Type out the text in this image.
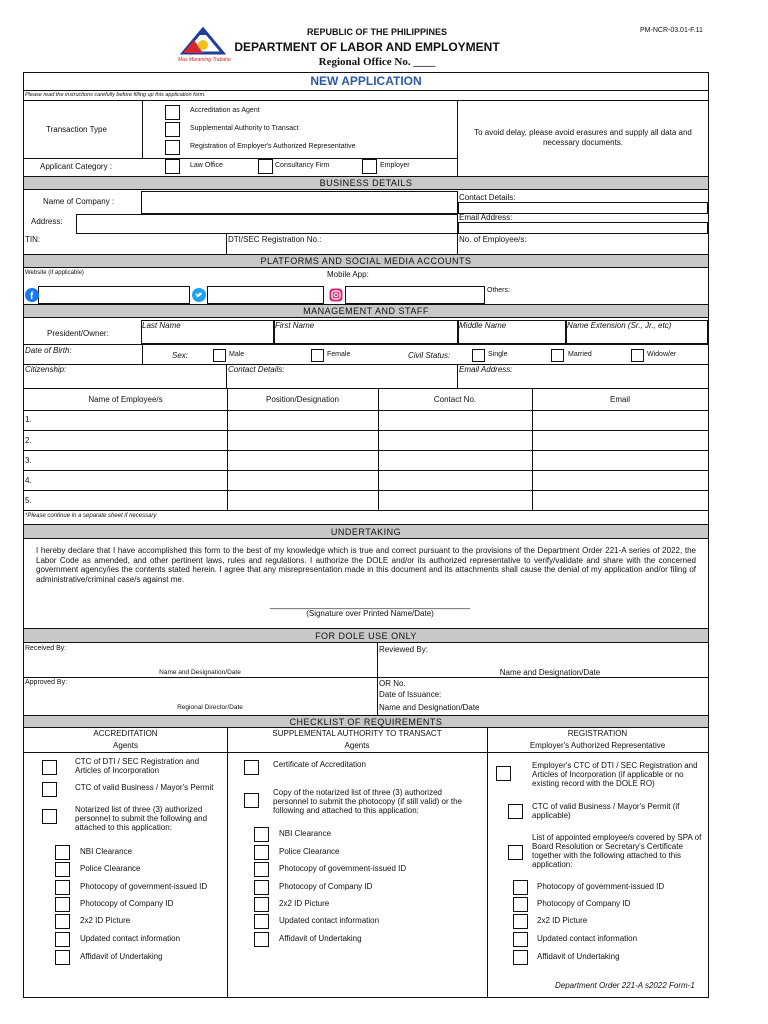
PM-NCR-03.01-F.11
Mas Maraming Trabaho
REPUBLIC OF THE PHILIPPINES
DEPARTMENT OF LABOR AND EMPLOYMENT
Regional Office No. ____
NEW APPLICATION
Please read the instructions carefully before filling up this application form.
Transaction Type
Accreditation as Agent
Supplemental Authority to Transact
Registration of Employer's Authorized Representative
To avoid delay, please avoid erasures and supply all data and necessary documents.
Applicant Category :	Law Office	Consultancy Firm	Employer
BUSINESS DETAILS
Name of Company :	Contact Details:
Address:	Email Address:
TIN:	DTI/SEC Registration No.:	No. of Employee/s:
PLATFORMS AND SOCIAL MEDIA ACCOUNTS
Website (if applicable)	Mobile App:
f
Others:
MANAGEMENT AND STAFF
President/Owner:
Last Name	First Name	Middle Name	Name Extension (Sr., Jr., etc)
Date of Birth:
Sex:	Male	Female	Civil Status:	Single	Married	Widow/er
Citizenship:	Contact Details:	Email Address:
Name of Employee/s	Position/Designation	Contact No.	Email
1.
2.
3.
4.
5.
*Please continue in a separate sheet if necessary
UNDERTAKING
I hereby declare that I have accomplished this form to the best of my knowledge which is true and correct pursuant to the provisions of the Department Order 221-A series of 2022, the Labor Code as amended, and other pertinent laws, rules and regulations. I authorize the DOLE and/or its authorized representative to verify/validate and share with the concerned government agency/ies the contents stated herein. I agree that any misrepresentation made in this document and its attachments shall cause the denial of my application and/or filing of administrative/criminal case/s against me.
________________________________________
(Signature over Printed Name/Date)
FOR DOLE USE ONLY
Received By:	Reviewed By:
Name and Designation/Date	Name and Designation/Date
Approved By:	OR No.
Date of Issuance:
Regional Director/Date	Name and Designation/Date
CHECKLIST OF REQUIREMENTS
ACCREDITATION
Agents
SUPPLEMENTAL AUTHORITY TO TRANSACT
Agents
REGISTRATION
Employer's Authorized Representative
CTC of DTI / SEC Registration and Articles of Incorporation
CTC of valid Business / Mayor's Permit
Notarized list of three (3) authorized personnel to submit the following and attached to this application:
NBI Clearance
Police Clearance
Photocopy of government-issued ID
Photocopy of Company ID
2x2 ID Picture
Updated contact information
Affidavit of Undertaking
Certificate of Accreditation
Copy of the notarized list of three (3) authorized personnel to submit the photocopy (if still valid) or the following and attached to this application:
NBI Clearance
Police Clearance
Photocopy of government-issued ID
Photocopy of Company ID
2x2 ID Picture
Updated contact information
Affidavit of Undertaking
Employer's CTC of DTI / SEC Registration and Articles of Incorporation (if applicable or no existing record with the DOLE RO)
CTC of valid Business / Mayor's Permit (if applicable)
List of appointed employee/s covered by SPA of Board Resolution or Secretary's Certificate together with the following attached to this application:
Photocopy of government-issued ID
Photocopy of Company ID
2x2 ID Picture
Updated contact information
Affidavit of Undertaking
Department Order 221-A s2022 Form-1
